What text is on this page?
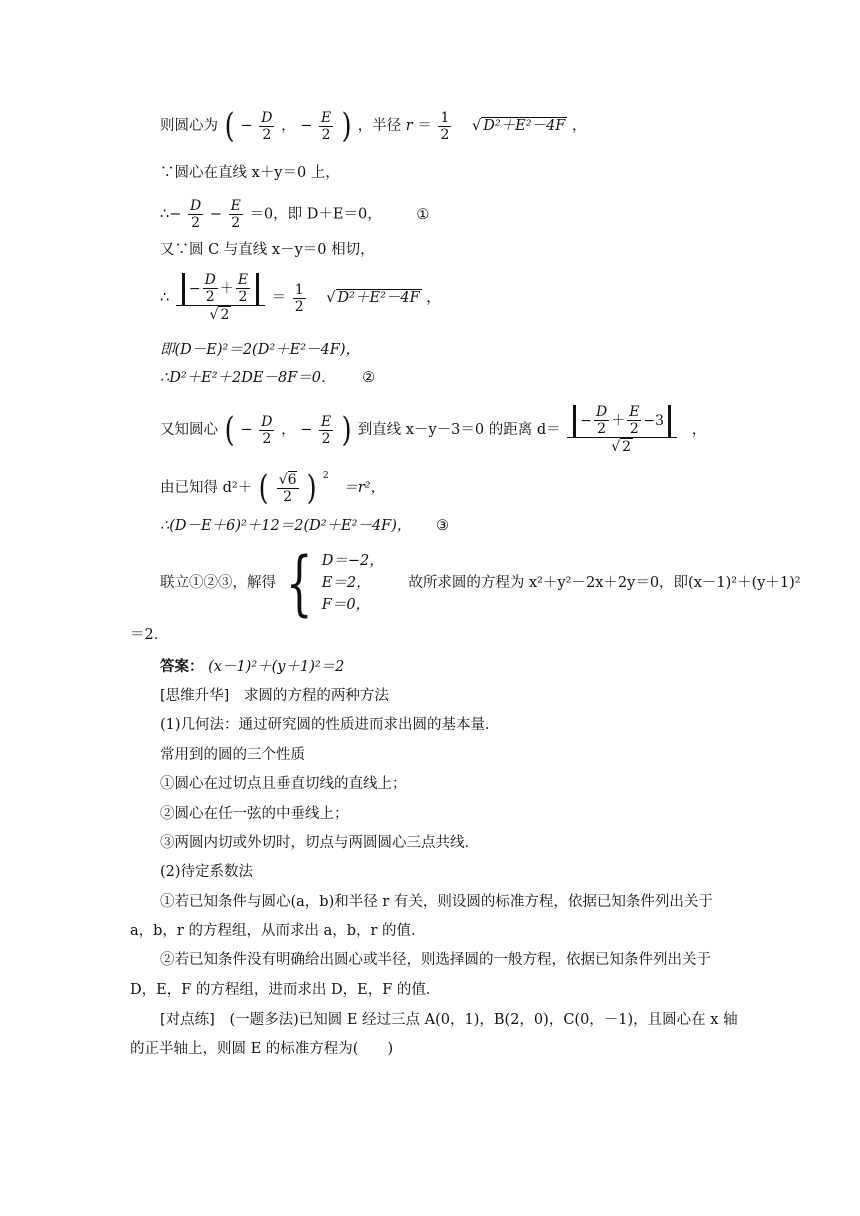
则圆心为 ( − $\frac{D}{2}$ ， − $\frac{E}{2}$ ) ，半径 $r = \frac{1}{2}$ √ D²＋E²－4F ，
∵圆心在直线 x＋y＝0 上，
∴− $\frac{D}{2} - \frac{E}{2} =0$，即 D＋E＝0， ①
又∵圆 C 与直线 x－y＝0 相切，
∴
− $\frac{D}{2} + \frac{E}{2}$
√ 2
＝ $\frac{1}{2}$ √ D²＋E²－4F ，
即(D－E)²＝2(D²＋E²－4F)，
∴D²＋E²＋2DE－8F＝0． ②
又知圆心 ( − $\frac{D}{2}$ ， − $\frac{E}{2}$ ) 到直线 x－y－3＝0 的距离 d＝
− $\frac{D}{2} + \frac{E}{2} -3$
√ 2
，
由已知得 d²＋ ( $\frac{√6}{2}$ ) $^2$ ＝r²，
∴(D－E＋6)²＋12＝2(D²＋E²－4F)， ③
联立①②③，解得 { D＝−2，
E＝2，
F＝0，
故所求圆的方程为 x²＋y²－2x＋2y＝0，即(x－1)²＋(y＋1)²
＝2．
答案： (x－1)²＋(y＋1)²＝2
[思维升华] 求圆的方程的两种方法
(1)几何法：通过研究圆的性质进而求出圆的基本量．
常用到的圆的三个性质
①圆心在过切点且垂直切线的直线上；
②圆心在任一弦的中垂线上；
③两圆内切或外切时，切点与两圆圆心三点共线．
(2)待定系数法
①若已知条件与圆心(a，b)和半径 r 有关，则设圆的标准方程，依据已知条件列出关于
a，b，r 的方程组，从而求出 a，b，r 的值．
②若已知条件没有明确给出圆心或半径，则选择圆的一般方程，依据已知条件列出关于
D，E，F 的方程组，进而求出 D，E，F 的值．
[对点练] (一题多法)已知圆 E 经过三点 A(0，1)，B(2，0)，C(0，－1)，且圆心在 x 轴
的正半轴上，则圆 E 的标准方程为(　　)
